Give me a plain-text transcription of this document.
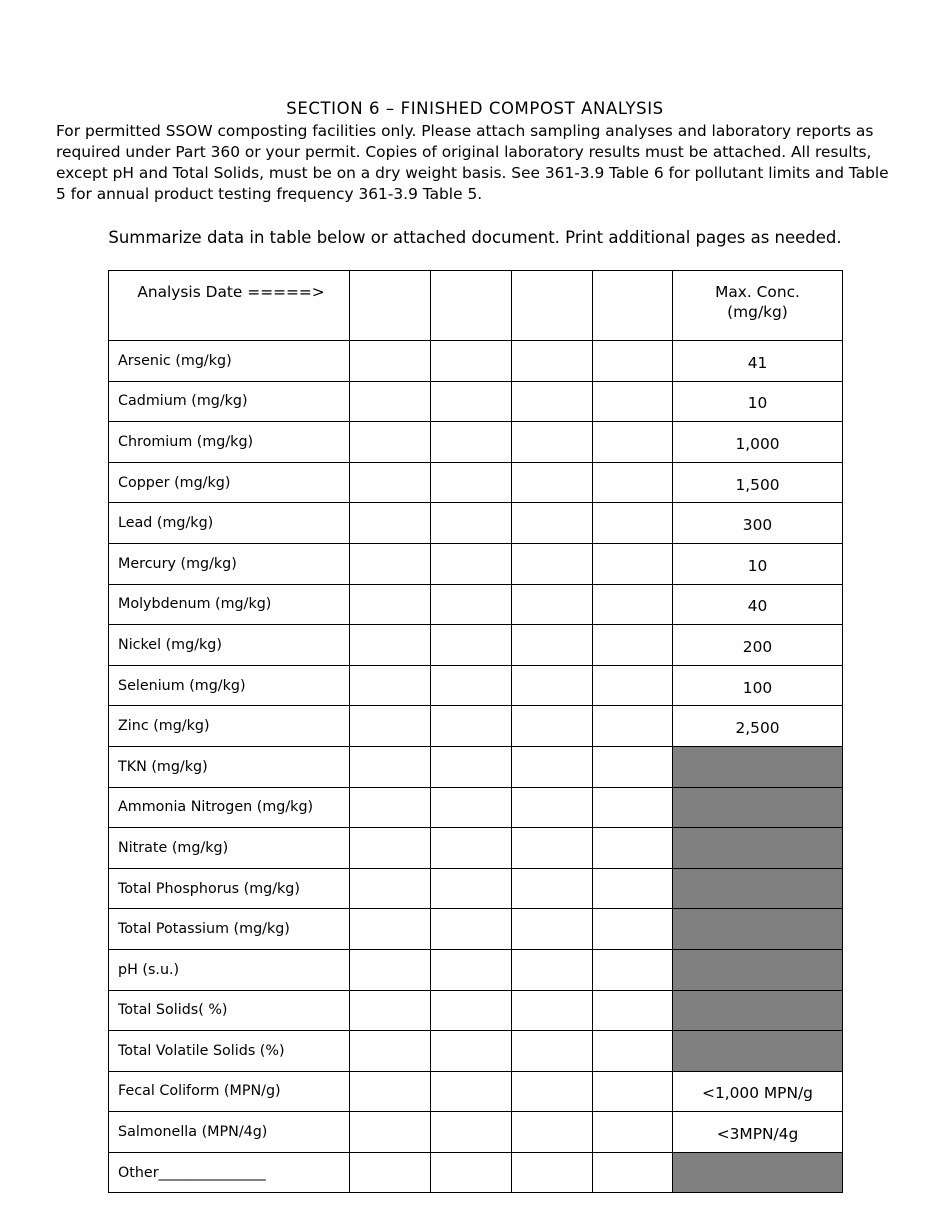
SECTION 6 – FINISHED COMPOST ANALYSIS

For permitted SSOW composting facilities only. Please attach sampling analyses and laboratory reports as required under Part 360 or your permit. Copies of original laboratory results must be attached. All results, except pH and Total Solids, must be on a dry weight basis. See 361-3.9 Table 6 for pollutant limits and Table 5 for annual product testing frequency 361-3.9 Table 5.

Summarize data in table below or attached document. Print additional pages as needed.

Analysis Date =====>					Max. Conc.
(mg/kg)
Arsenic (mg/kg)					41
Cadmium (mg/kg)					10
Chromium (mg/kg)					1,000
Copper (mg/kg)					1,500
Lead (mg/kg)					300
Mercury (mg/kg)					10
Molybdenum (mg/kg)					40
Nickel (mg/kg)					200
Selenium (mg/kg)					100
Zinc (mg/kg)					2,500
TKN (mg/kg)					
Ammonia Nitrogen (mg/kg)					
Nitrate (mg/kg)					
Total Phosphorus (mg/kg)					
Total Potassium (mg/kg)					
pH (s.u.)					
Total Solids( %)					
Total Volatile Solids (%)					
Fecal Coliform (MPN/g)					<1,000 MPN/g
Salmonella (MPN/4g)					<3MPN/4g
Other_______________					
